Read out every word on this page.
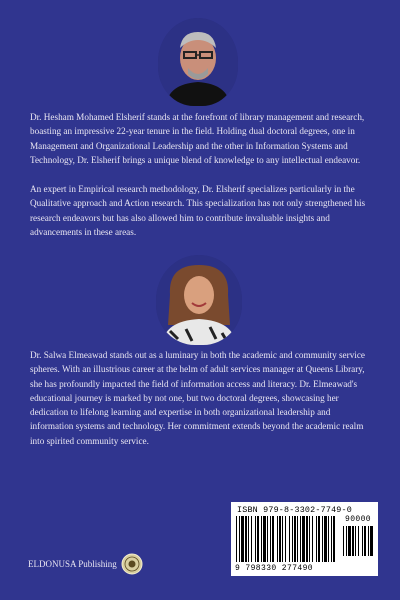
Dr. Hesham Mohamed Elsherif stands at the forefront of library management and research, boasting an impressive 22-year tenure in the field. Holding dual doctoral degrees, one in Management and Organizational Leadership and the other in Information Systems and Technology, Dr. Elsherif brings a unique blend of knowledge to any intellectual endeavor.

An expert in Empirical research methodology, Dr. Elsherif specializes particularly in the Qualitative approach and Action research. This specialization has not only strengthened his research endeavors but has also allowed him to contribute invaluable insights and advancements in these areas.

Dr. Salwa Elmeawad stands out as a luminary in both the academic and community service spheres. With an illustrious career at the helm of adult services manager at Queens Library, she has profoundly impacted the field of information access and literacy. Dr. Elmeawad's educational journey is marked by not one, but two doctoral degrees, showcasing her dedication to lifelong learning and expertise in both organizational leadership and information systems and technology. Her commitment extends beyond the academic realm into spirited community service.

ELDONUSA Publishing
ISBN 979-8-3302-7749-0
90000
9 798330 277490
